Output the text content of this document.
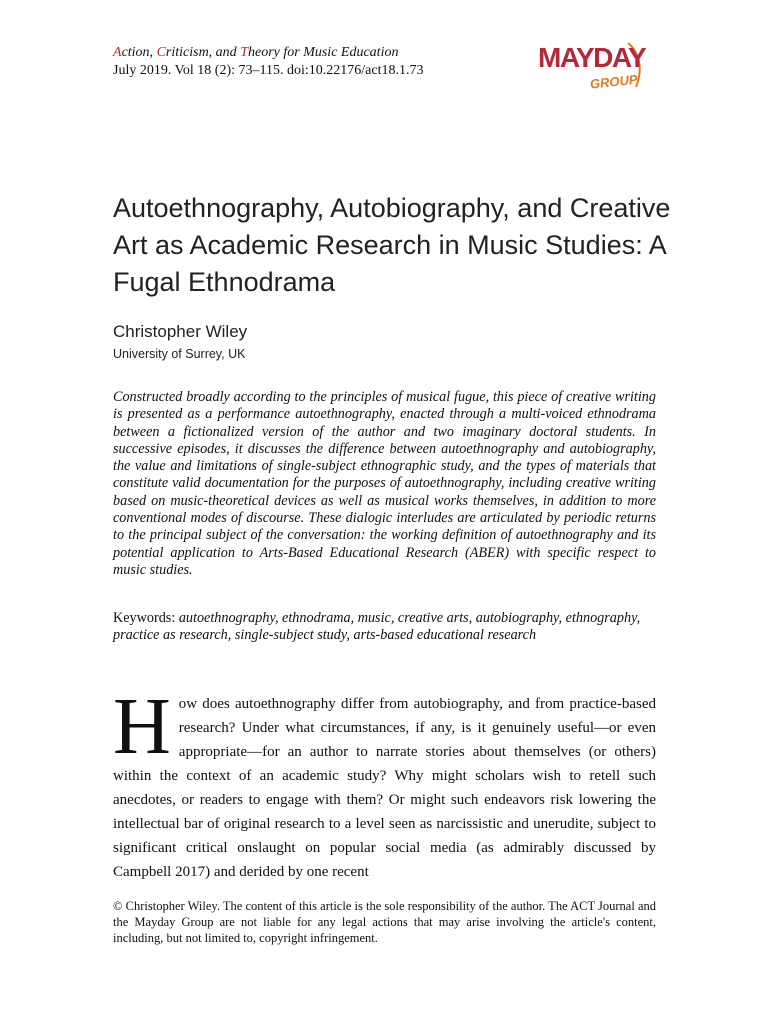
Action, Criticism, and Theory for Music Education
July 2019. Vol 18 (2): 73–115. doi:10.22176/act18.1.73	MAYDAY
GROUP
Autoethnography, Autobiography, and Creative Art as Academic Research in Music Studies: A Fugal Ethnodrama
Christopher Wiley
University of Surrey, UK

Constructed broadly according to the principles of musical fugue, this piece of creative writing is presented as a performance autoethnography, enacted through a multi-voiced ethnodrama between a fictionalized version of the author and two imaginary doctoral students. In successive episodes, it discusses the difference between autoethnography and autobiography, the value and limitations of single-subject ethnographic study, and the types of materials that constitute valid documentation for the purposes of autoethnography, including creative writing based on music-theoretical devices as well as musical works themselves, in addition to more conventional modes of discourse. These dialogic interludes are articulated by periodic returns to the principal subject of the conversation: the working definition of autoethnography and its potential application to Arts-Based Educational Research (ABER) with specific respect to music studies.

Keywords: autoethnography, ethnodrama, music, creative arts, autobiography, ethnography, practice as research, single-subject study, arts-based educational research

How does autoethnography differ from autobiography, and from practice-based research? Under what circumstances, if any, is it genuinely useful—or even appropriate—for an author to narrate stories about themselves (or others) within the context of an academic study? Why might scholars wish to retell such anecdotes, or readers to engage with them? Or might such endeavors risk lowering the intellectual bar of original research to a level seen as narcissistic and unerudite, subject to significant critical onslaught on popular social media (as admirably discussed by Campbell 2017) and derided by one recent

© Christopher Wiley. The content of this article is the sole responsibility of the author. The ACT Journal and the Mayday Group are not liable for any legal actions that may arise involving the article's content, including, but not limited to, copyright infringement.
